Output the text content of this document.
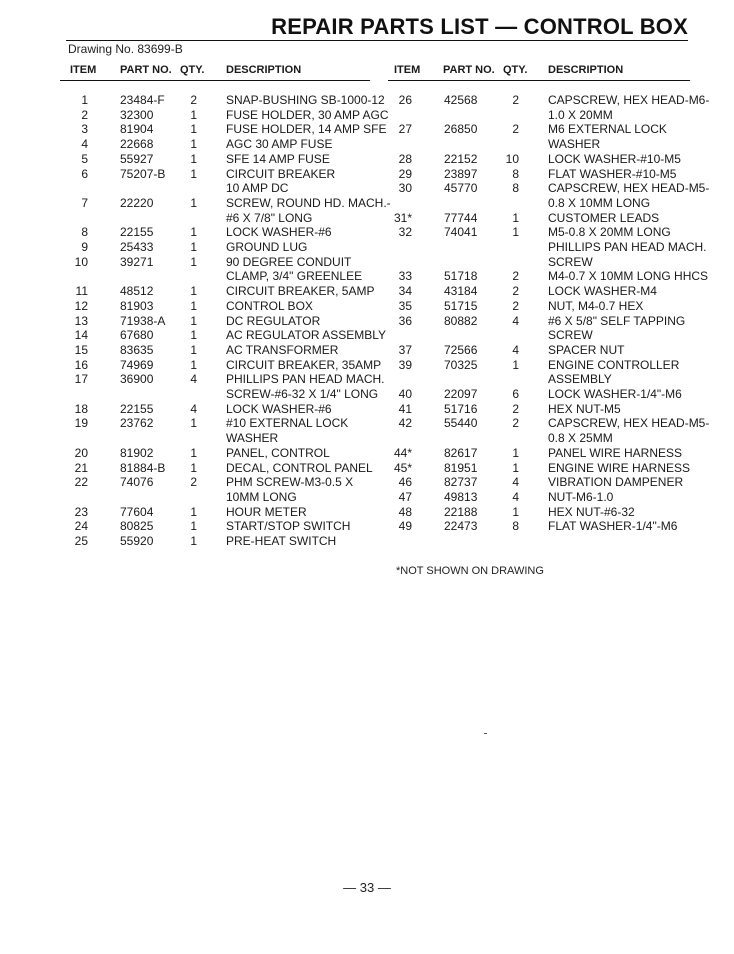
REPAIR PARTS LIST — CONTROL BOX
Drawing No. 83699-B
ITEM PART NO. QTY. DESCRIPTION
1	23484-F	2 SNAP-BUSHING SB-1000-12
2	32300	1 FUSE HOLDER, 30 AMP AGC
3	81904	1 FUSE HOLDER, 14 AMP SFE
4	22668	1 AGC 30 AMP FUSE
5	55927	1 SFE 14 AMP FUSE
6	75207-B	1 CIRCUIT BREAKER
10 AMP DC
7	22220	1 SCREW, ROUND HD. MACH.-
#6 X 7/8" LONG
8	22155	1 LOCK WASHER-#6
9	25433	1 GROUND LUG
10	39271	1 90 DEGREE CONDUIT
CLAMP, 3/4" GREENLEE
11	48512	1 CIRCUIT BREAKER, 5AMP
12	81903	1 CONTROL BOX
13	71938-A	1 DC REGULATOR
14	67680	1 AC REGULATOR ASSEMBLY
15	83635	1 AC TRANSFORMER
16	74969	1 CIRCUIT BREAKER, 35AMP
17	36900	4 PHILLIPS PAN HEAD MACH.
SCREW-#6-32 X 1/4" LONG
18	22155	4 LOCK WASHER-#6
19	23762	1 #10 EXTERNAL LOCK
WASHER
20	81902	1 PANEL, CONTROL
21	81884-B	1 DECAL, CONTROL PANEL
22	74076	2 PHM SCREW-M3-0.5 X
10MM LONG
23	77604	1 HOUR METER
24	80825	1 START/STOP SWITCH
25	55920	1 PRE-HEAT SWITCH
ITEM PART NO. QTY. DESCRIPTION
26	42568	2 CAPSCREW, HEX HEAD-M6-
1.0 X 20MM
27	26850	2 M6 EXTERNAL LOCK
WASHER
28	22152	10 LOCK WASHER-#10-M5
29	23897	8 FLAT WASHER-#10-M5
30	45770	8 CAPSCREW, HEX HEAD-M5-
0.8 X 10MM LONG
31*	77744	1 CUSTOMER LEADS
32	74041	1 M5-0.8 X 20MM LONG
PHILLIPS PAN HEAD MACH.
SCREW
33	51718	2 M4-0.7 X 10MM LONG HHCS
34	43184	2 LOCK WASHER-M4
35	51715	2 NUT, M4-0.7 HEX
36	80882	4 #6 X 5/8" SELF TAPPING
SCREW
37	72566	4 SPACER NUT
39	70325	1 ENGINE CONTROLLER
ASSEMBLY
40	22097	6 LOCK WASHER-1/4"-M6
41	51716	2 HEX NUT-M5
42	55440	2 CAPSCREW, HEX HEAD-M5-
0.8 X 25MM
44*	82617	1 PANEL WIRE HARNESS
45*	81951	1 ENGINE WIRE HARNESS
46	82737	4 VIBRATION DAMPENER
47	49813	4 NUT-M6-1.0
48	22188	1 HEX NUT-#6-32
49	22473	8 FLAT WASHER-1/4"-M6
*NOT SHOWN ON DRAWING
— 33 —
